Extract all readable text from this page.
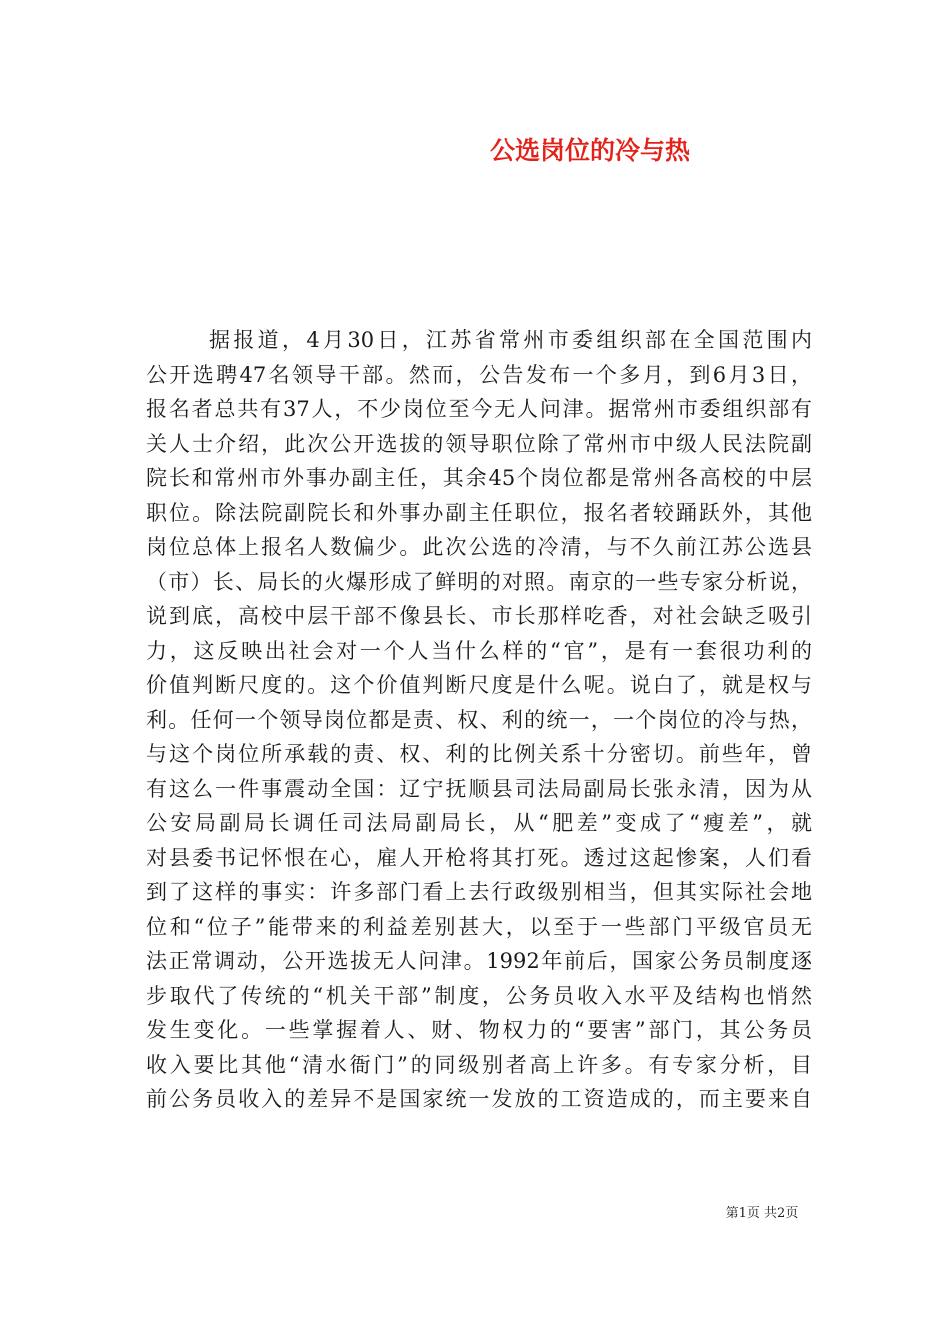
公选岗位的冷与热
据报道，4月30日，江苏省常州市委组织部在全国范围内
公开选聘47名领导干部。然而，公告发布一个多月，到6月3日，
报名者总共有37人，不少岗位至今无人问津。据常州市委组织部有
关人士介绍，此次公开选拔的领导职位除了常州市中级人民法院副
院长和常州市外事办副主任，其余45个岗位都是常州各高校的中层
职位。除法院副院长和外事办副主任职位，报名者较踊跃外，其他
岗位总体上报名人数偏少。此次公选的冷清，与不久前江苏公选县
（市）长、局长的火爆形成了鲜明的对照。南京的一些专家分析说，
说到底，高校中层干部不像县长、市长那样吃香，对社会缺乏吸引
力，这反映出社会对一个人当什么样的“官”，是有一套很功利的
价值判断尺度的。这个价值判断尺度是什么呢。说白了，就是权与
利。任何一个领导岗位都是责、权、利的统一，一个岗位的冷与热，
与这个岗位所承载的责、权、利的比例关系十分密切。前些年，曾
有这么一件事震动全国：辽宁抚顺县司法局副局长张永清，因为从
公安局副局长调任司法局副局长，从“肥差”变成了“瘦差”，就
对县委书记怀恨在心，雇人开枪将其打死。透过这起惨案，人们看
到了这样的事实：许多部门看上去行政级别相当，但其实际社会地
位和“位子”能带来的利益差别甚大，以至于一些部门平级官员无
法正常调动，公开选拔无人问津。1992年前后，国家公务员制度逐
步取代了传统的“机关干部”制度，公务员收入水平及结构也悄然
发生变化。一些掌握着人、财、物权力的“要害”部门，其公务员
收入要比其他“清水衙门”的同级别者高上许多。有专家分析，目
前公务员收入的差异不是国家统一发放的工资造成的，而主要来自
第1页 共2页
